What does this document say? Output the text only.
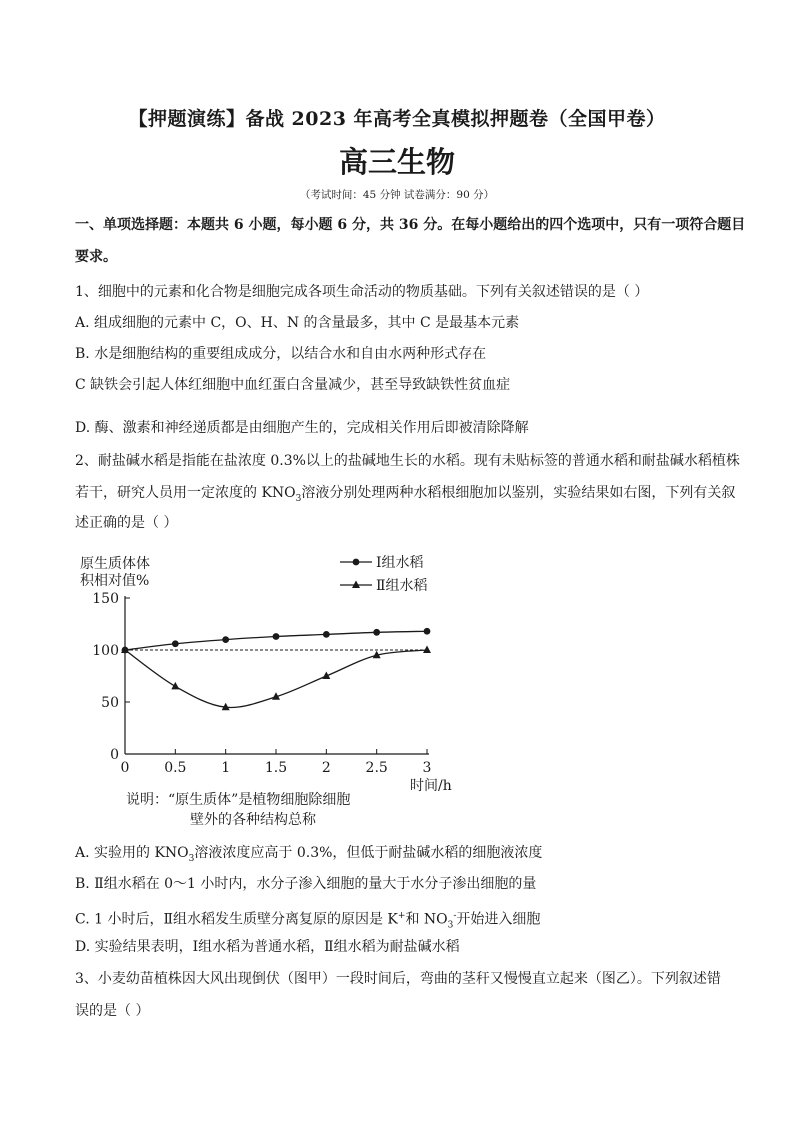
【押题演练】备战 2023 年高考全真模拟押题卷（全国甲卷）
高三生物
（考试时间：45 分钟 试卷满分：90 分）
一、单项选择题：本题共 6 小题，每小题 6 分，共 36 分。在每小题给出的四个选项中，只有一项符合题目
要求。
1、细胞中的元素和化合物是细胞完成各项生命活动的物质基础。下列有关叙述错误的是（ ）
A. 组成细胞的元素中 C，O、H、N 的含量最多，其中 C 是最基本元素
B. 水是细胞结构的重要组成成分，以结合水和自由水两种形式存在
C 缺铁会引起人体红细胞中血红蛋白含量减少，甚至导致缺铁性贫血症
D. 酶、激素和神经递质都是由细胞产生的，完成相关作用后即被清除降解
2、耐盐碱水稻是指能在盐浓度 0.3%以上的盐碱地生长的水稻。现有未贴标签的普通水稻和耐盐碱水稻植株
若干，研究人员用一定浓度的 $KNO_3$溶液分别处理两种水稻根细胞加以鉴别，实验结果如右图，下列有关叙
述正确的是（ ）
原生质体体
积相对值%
Ⅰ组水稻
Ⅱ组水稻
0
50
100
150
0 0.5 1 1.5 2 2.5 3
时间/h
说明：“原生质体”是植物细胞除细胞
壁外的各种结构总称
A. 实验用的 $KNO_3$溶液浓度应高于 0.3%，但低于耐盐碱水稻的细胞液浓度
B. Ⅱ组水稻在 0～1 小时内，水分子渗入细胞的量大于水分子渗出细胞的量
C. 1 小时后，Ⅱ组水稻发生质壁分离复原的原因是 K+和 $NO_3^-$开始进入细胞
D. 实验结果表明，Ⅰ组水稻为普通水稻，Ⅱ组水稻为耐盐碱水稻
3、小麦幼苗植株因大风出现倒伏（图甲）一段时间后，弯曲的茎秆又慢慢直立起来（图乙）。下列叙述错
误的是（ ）
